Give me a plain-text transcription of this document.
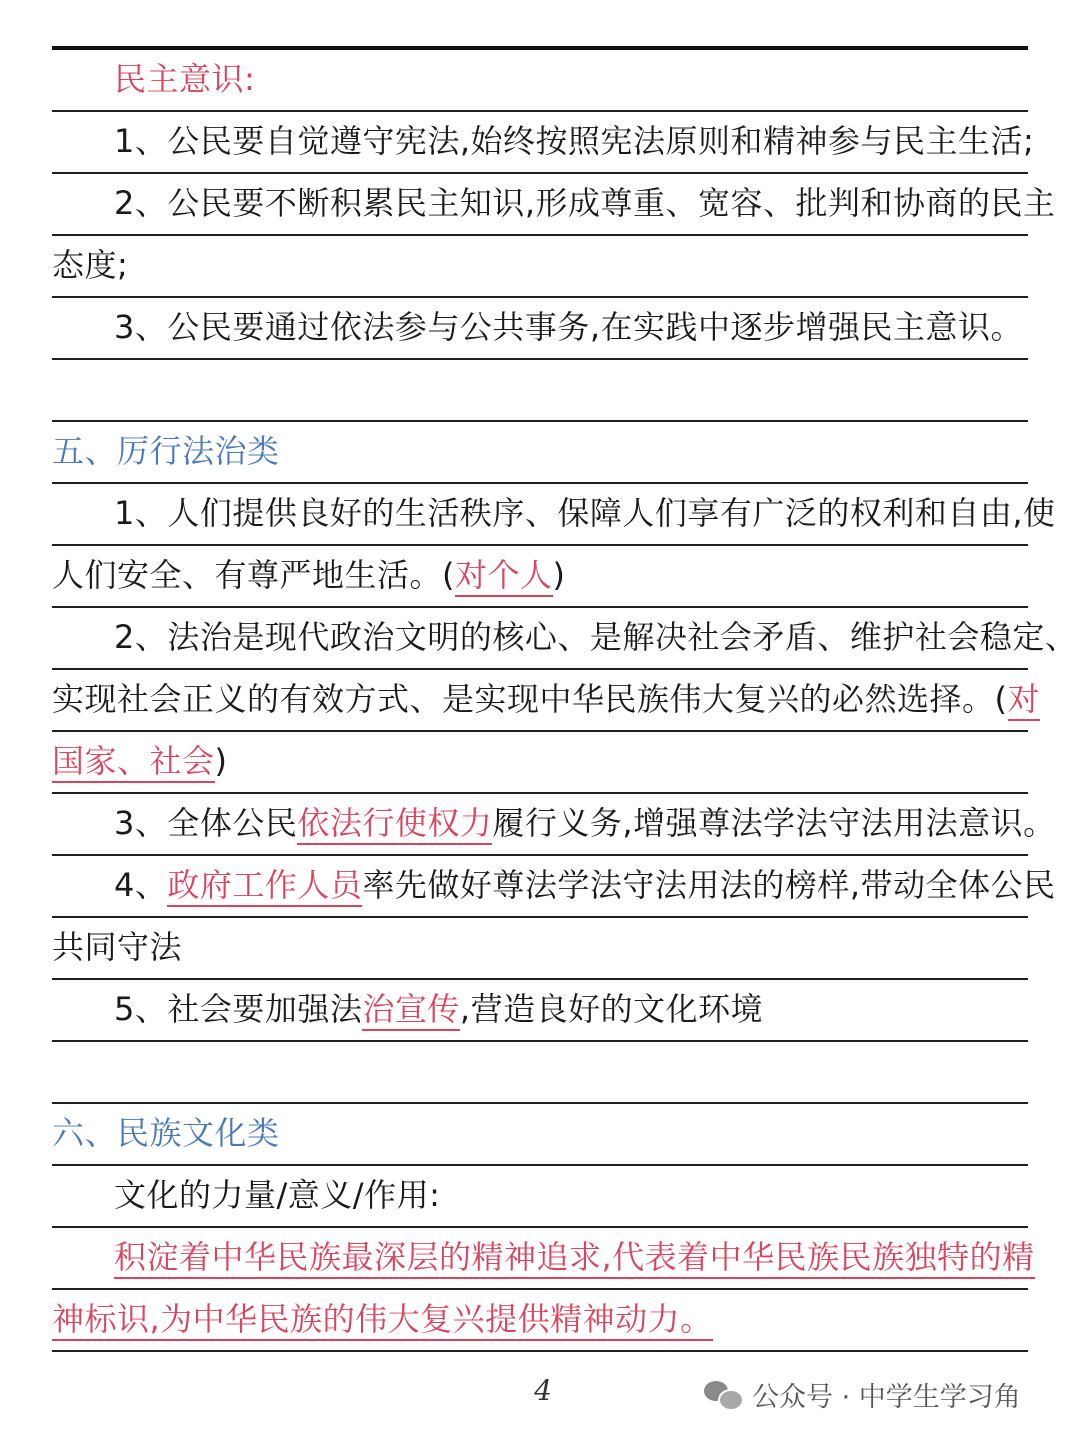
民主意识:
1、公民要自觉遵守宪法,始终按照宪法原则和精神参与民主生活;
2、公民要不断积累民主知识,形成尊重、宽容、批判和协商的民主
态度;
3、公民要通过依法参与公共事务,在实践中逐步增强民主意识。
五、厉行法治类
1、人们提供良好的生活秩序、保障人们享有广泛的权利和自由,使
人们安全、有尊严地生活。(对个人)
2、法治是现代政治文明的核心、是解决社会矛盾、维护社会稳定、
实现社会正义的有效方式、是实现中华民族伟大复兴的必然选择。(对
国家、社会)
3、全体公民依法行使权力履行义务,增强尊法学法守法用法意识。
4、政府工作人员率先做好尊法学法守法用法的榜样,带动全体公民
共同守法
5、社会要加强法治宣传,营造良好的文化环境
六、民族文化类
文化的力量/意义/作用:
积淀着中华民族最深层的精神追求,代表着中华民族民族独特的精
神标识,为中华民族的伟大复兴提供精神动力。
4	公众号 · 中学生学习角
